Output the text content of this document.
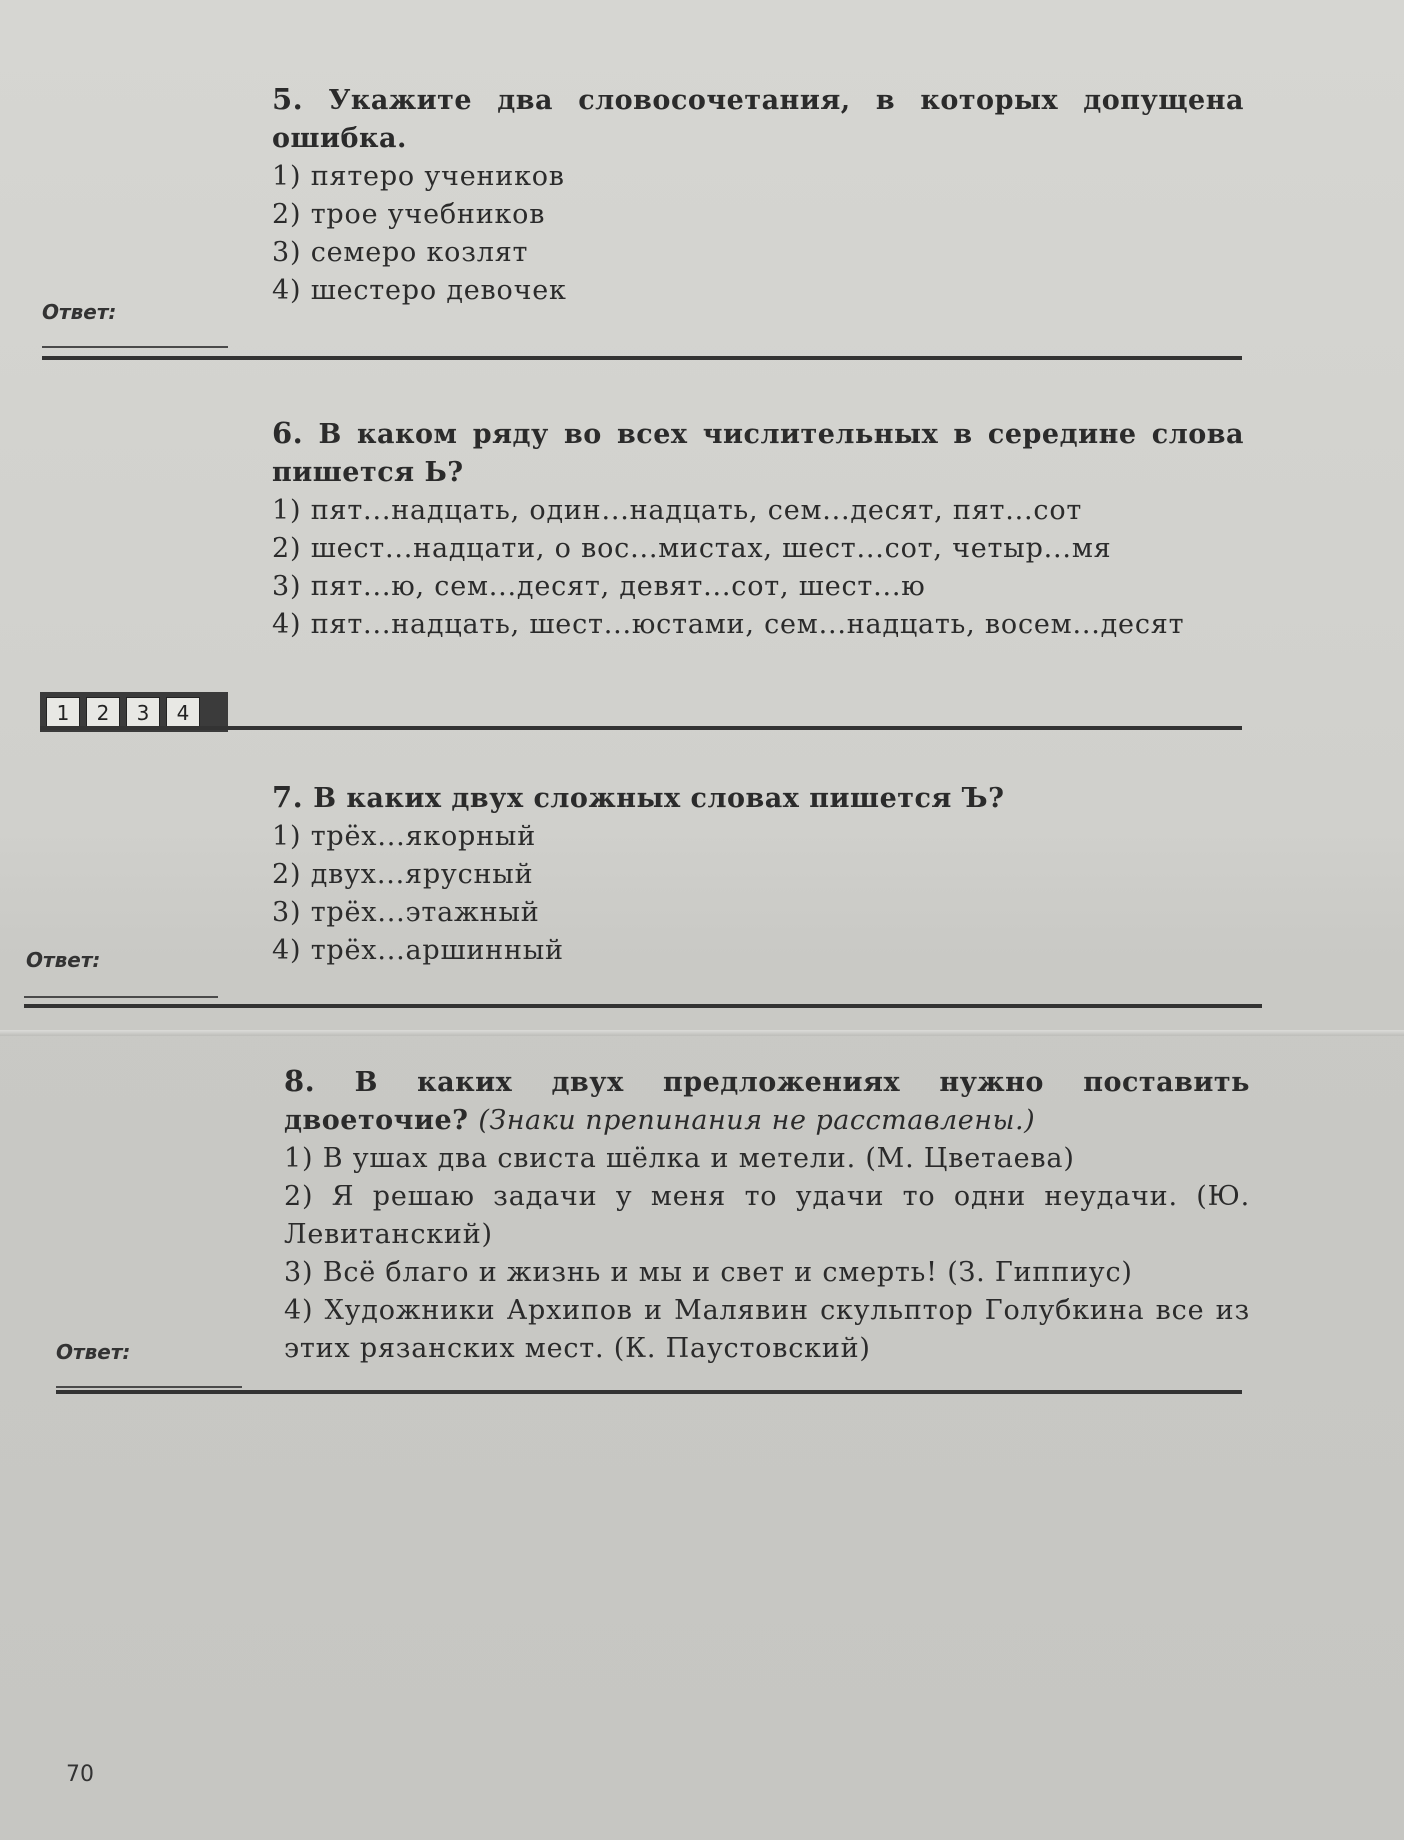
5. Укажите два словосочетания, в которых допущена ошибка.
1) пятеро учеников
2) трое учебников
3) семеро козлят
4) шестеро девочек
Ответ:
6. В каком ряду во всех числительных в середине слова пишется Ь?
1) пят...надцать, один...надцать, сем...десят, пят...сот
2) шест...надцати, о вос...мистах, шест...сот, четыр...мя
3) пят...ю, сем...десят, девят...сот, шест...ю
4) пят...надцать, шест...юстами, сем...надцать, восем...десят
1	2	3	4
7. В каких двух сложных словах пишется Ъ?
1) трёх...якорный
2) двух...ярусный
3) трёх...этажный
4) трёх...аршинный
Ответ:
8. В каких двух предложениях нужно поставить двоеточие? (Знаки препинания не расставлены.)
1) В ушах два свиста шёлка и метели. (М. Цветаева)
2) Я решаю задачи у меня то удачи то одни неудачи. (Ю. Левитанский)
3) Всё благо и жизнь и мы и свет и смерть! (З. Гиппиус)
4) Художники Архипов и Малявин скульптор Голубкина все из этих рязанских мест. (К. Паустовский)
Ответ:
70
